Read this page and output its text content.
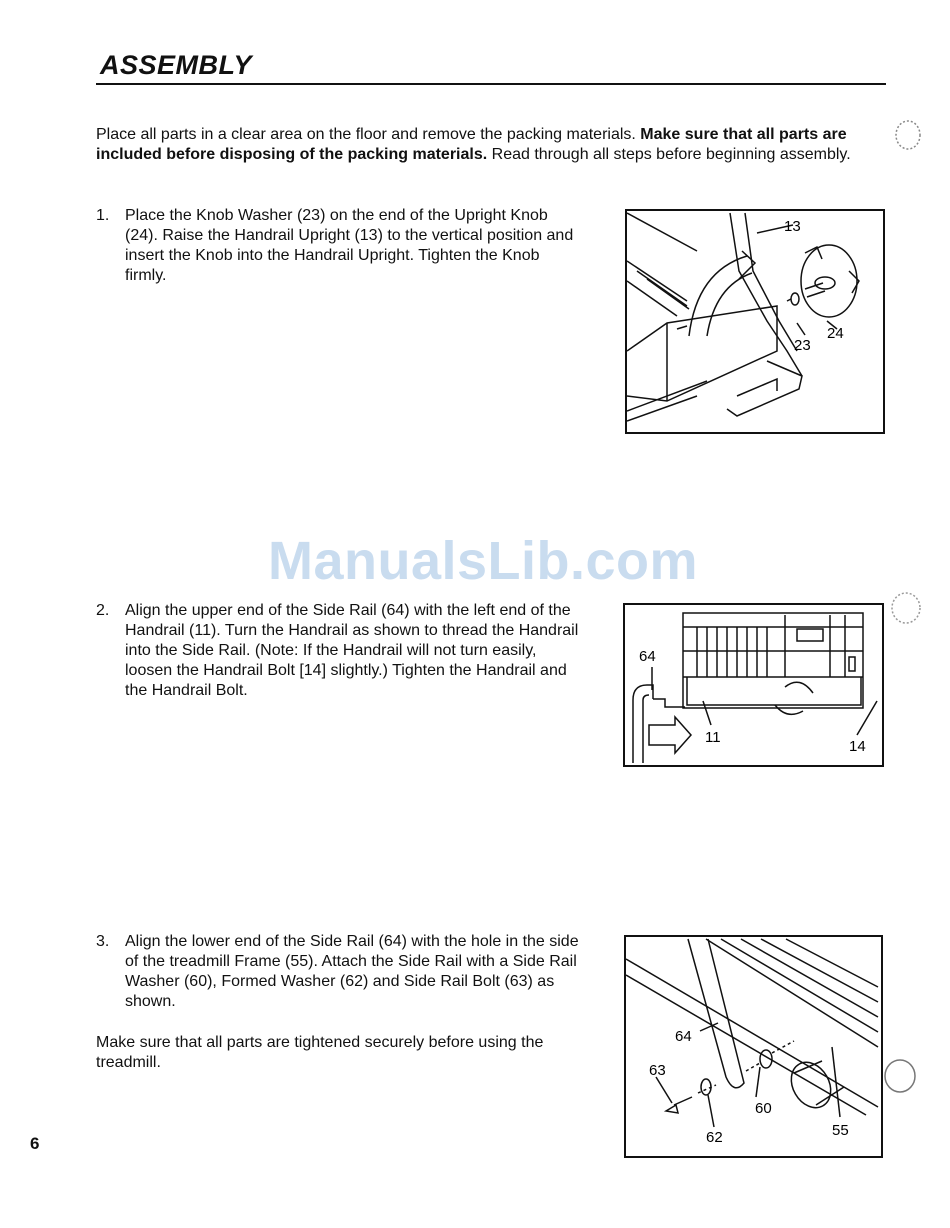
ASSEMBLY
Place all parts in a clear area on the floor and remove the packing materials. Make sure that all parts are included before disposing of the packing materials. Read through all steps before beginning assembly.
1. Place the Knob Washer (23) on the end of the Upright Knob (24). Raise the Handrail Upright (13) to the vertical position and insert the Knob into the Handrail Upright. Tighten the Knob firmly.
13
24
23
ManualsLib.com
2. Align the upper end of the Side Rail (64) with the left end of the Handrail (11). Turn the Handrail as shown to thread the Handrail into the Side Rail. (Note: If the Handrail will not turn easily, loosen the Handrail Bolt [14] slightly.) Tighten the Handrail and the Handrail Bolt.
64
11
14
3. Align the lower end of the Side Rail (64) with the hole in the side of the treadmill Frame (55). Attach the Side Rail with a Side Rail Washer (60), Formed Washer (62) and Side Rail Bolt (63) as shown.
Make sure that all parts are tightened securely before using the treadmill.
64
63
60
62	55
6
